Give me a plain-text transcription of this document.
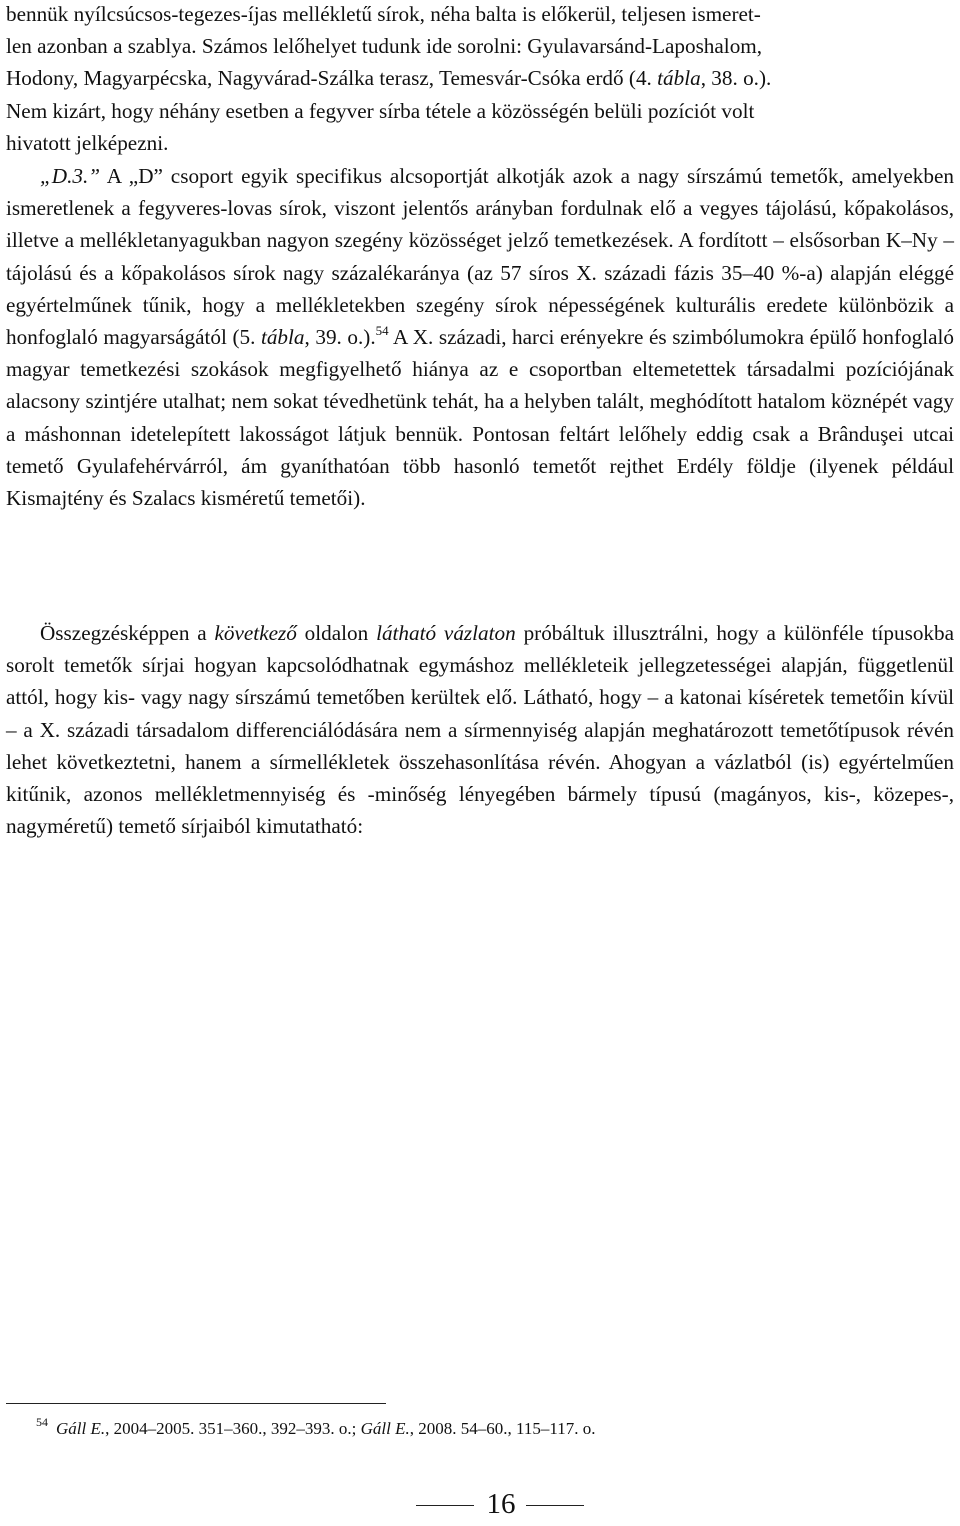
bennük nyílcsúcsos-tegezes-íjas mellékletű sírok, néha balta is előkerül, teljesen ismeret-
len azonban a szablya. Számos lelőhelyet tudunk ide sorolni: Gyulavarsánd-Laposhalom,
Hodony, Magyarpécska, Nagyvárad-Szálka terasz, Temesvár-Csóka erdő (4. tábla, 38. o.).
Nem kizárt, hogy néhány esetben a fegyver sírba tétele a közösségén belüli pozíciót volt
hivatott jelképezni.

„D.3.” A „D” csoport egyik specifikus alcsoportját alkotják azok a nagy sírszámú temetők, amelyekben ismeretlenek a fegyveres-lovas sírok, viszont jelentős arányban fordulnak elő a vegyes tájolású, kőpakolásos, illetve a mellékletanyagukban nagyon szegény közösséget jelző temetkezések. A fordított – elsősorban K–Ny – tájolású és a kőpakolásos sírok nagy százalékaránya (az 57 síros X. századi fázis 35–40 %-a) alapján eléggé egyértelműnek tűnik, hogy a mellékletekben szegény sírok népességének kulturális eredete különbözik a honfoglaló magyarságától (5. tábla, 39. o.).$^{54}$ A X. századi, harci erényekre és szimbólumokra épülő honfoglaló magyar temetkezési szokások megfigyelhető hiánya az e csoportban eltemetettek társadalmi pozíciójának alacsony szintjére utalhat; nem sokat tévedhetünk tehát, ha a helyben talált, meghódított hatalom köznépét vagy a máshonnan idetelepített lakosságot látjuk bennük. Pontosan feltárt lelőhely eddig csak a Brânduşei utcai temető Gyulafehérvárról, ám gyaníthatóan több hasonló temetőt rejthet Erdély földje (ilyenek például Kismajtény és Szalacs kisméretű temetői).

Összegzésképpen a következő oldalon látható vázlaton próbáltuk illusztrálni, hogy a különféle típusokba sorolt temetők sírjai hogyan kapcsolódhatnak egymáshoz mellékleteik jellegzetességei alapján, függetlenül attól, hogy kis- vagy nagy sírszámú temetőben kerültek elő. Látható, hogy – a katonai kíséretek temetőin kívül – a X. századi társadalom differenciálódására nem a sírmennyiség alapján meghatározott temetőtípusok révén lehet következtetni, hanem a sírmellékletek összehasonlítása révén. Ahogyan a vázlatból (is) egyértelműen kitűnik, azonos mellékletmennyiség és -minőség lényegében bármely típusú (magányos, kis-, közepes-, nagyméretű) temető sírjaiból kimutatható:

$^{54}$ Gáll E., 2004–2005. 351–360., 392–393. o.; Gáll E., 2008. 54–60., 115–117. o.
16
